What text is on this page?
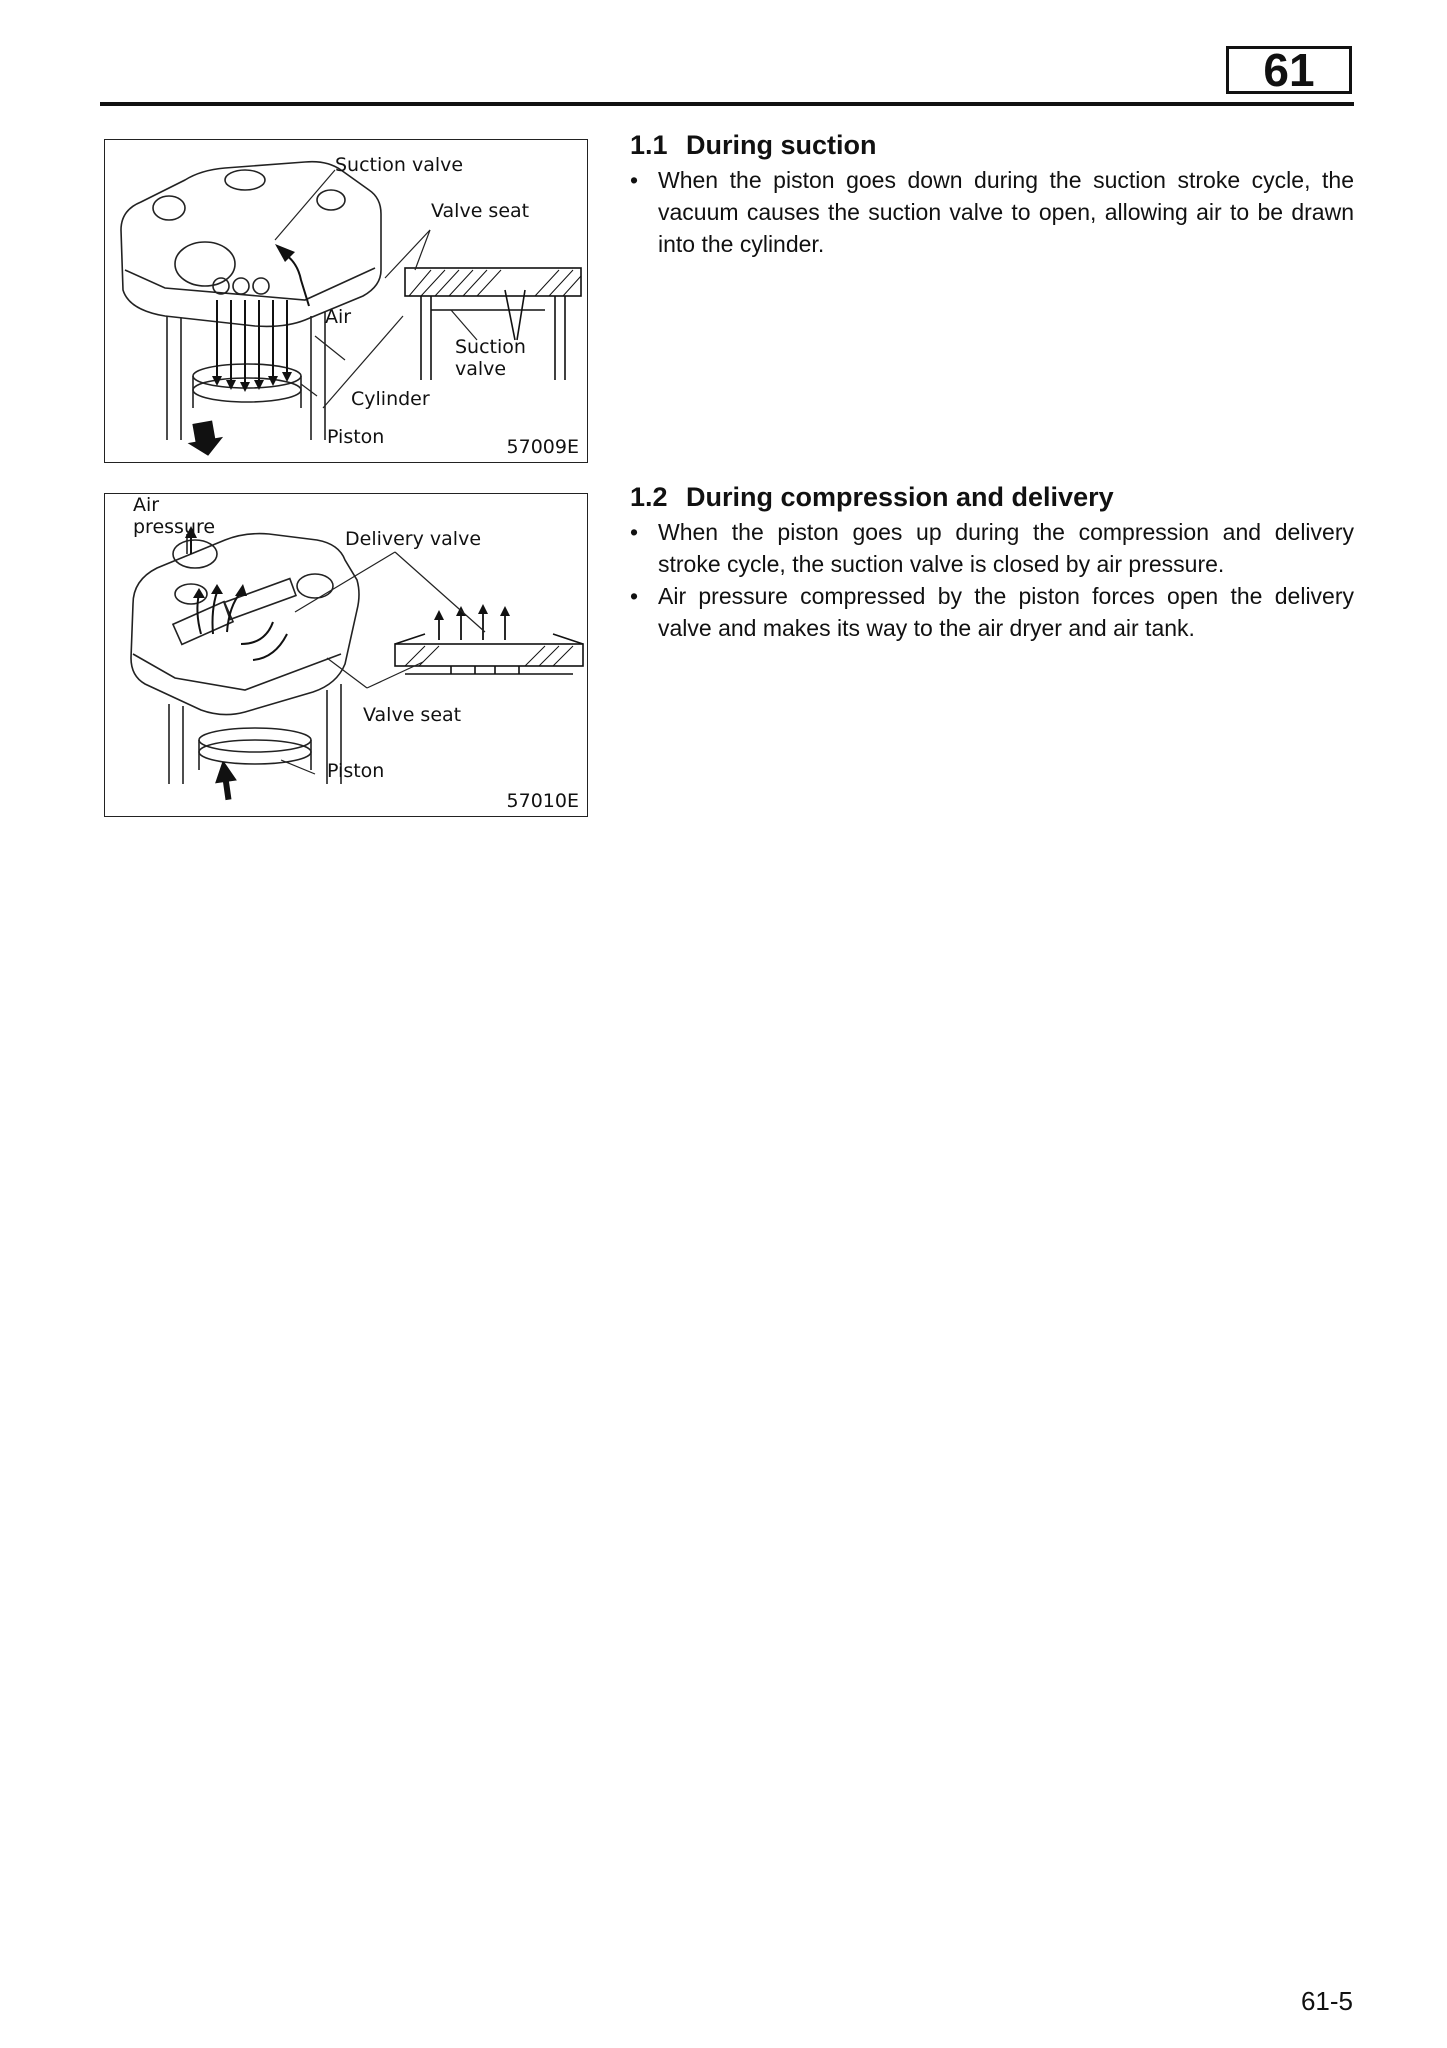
61
Suction valve
Valve seat
Air
Suction
valve
Cylinder
Piston	57009E
Air
pressure
Delivery valve
Valve seat
Piston
57010E
1.1 During suction
• When the piston goes down during the suction stroke cycle, the vacuum causes the suction valve to open, allowing air to be drawn into the cylinder.
1.2 During compression and delivery
• When the piston goes up during the compression and delivery stroke cycle, the suction valve is closed by air pressure.
• Air pressure compressed by the piston forces open the delivery valve and makes its way to the air dryer and air tank.
61-5
